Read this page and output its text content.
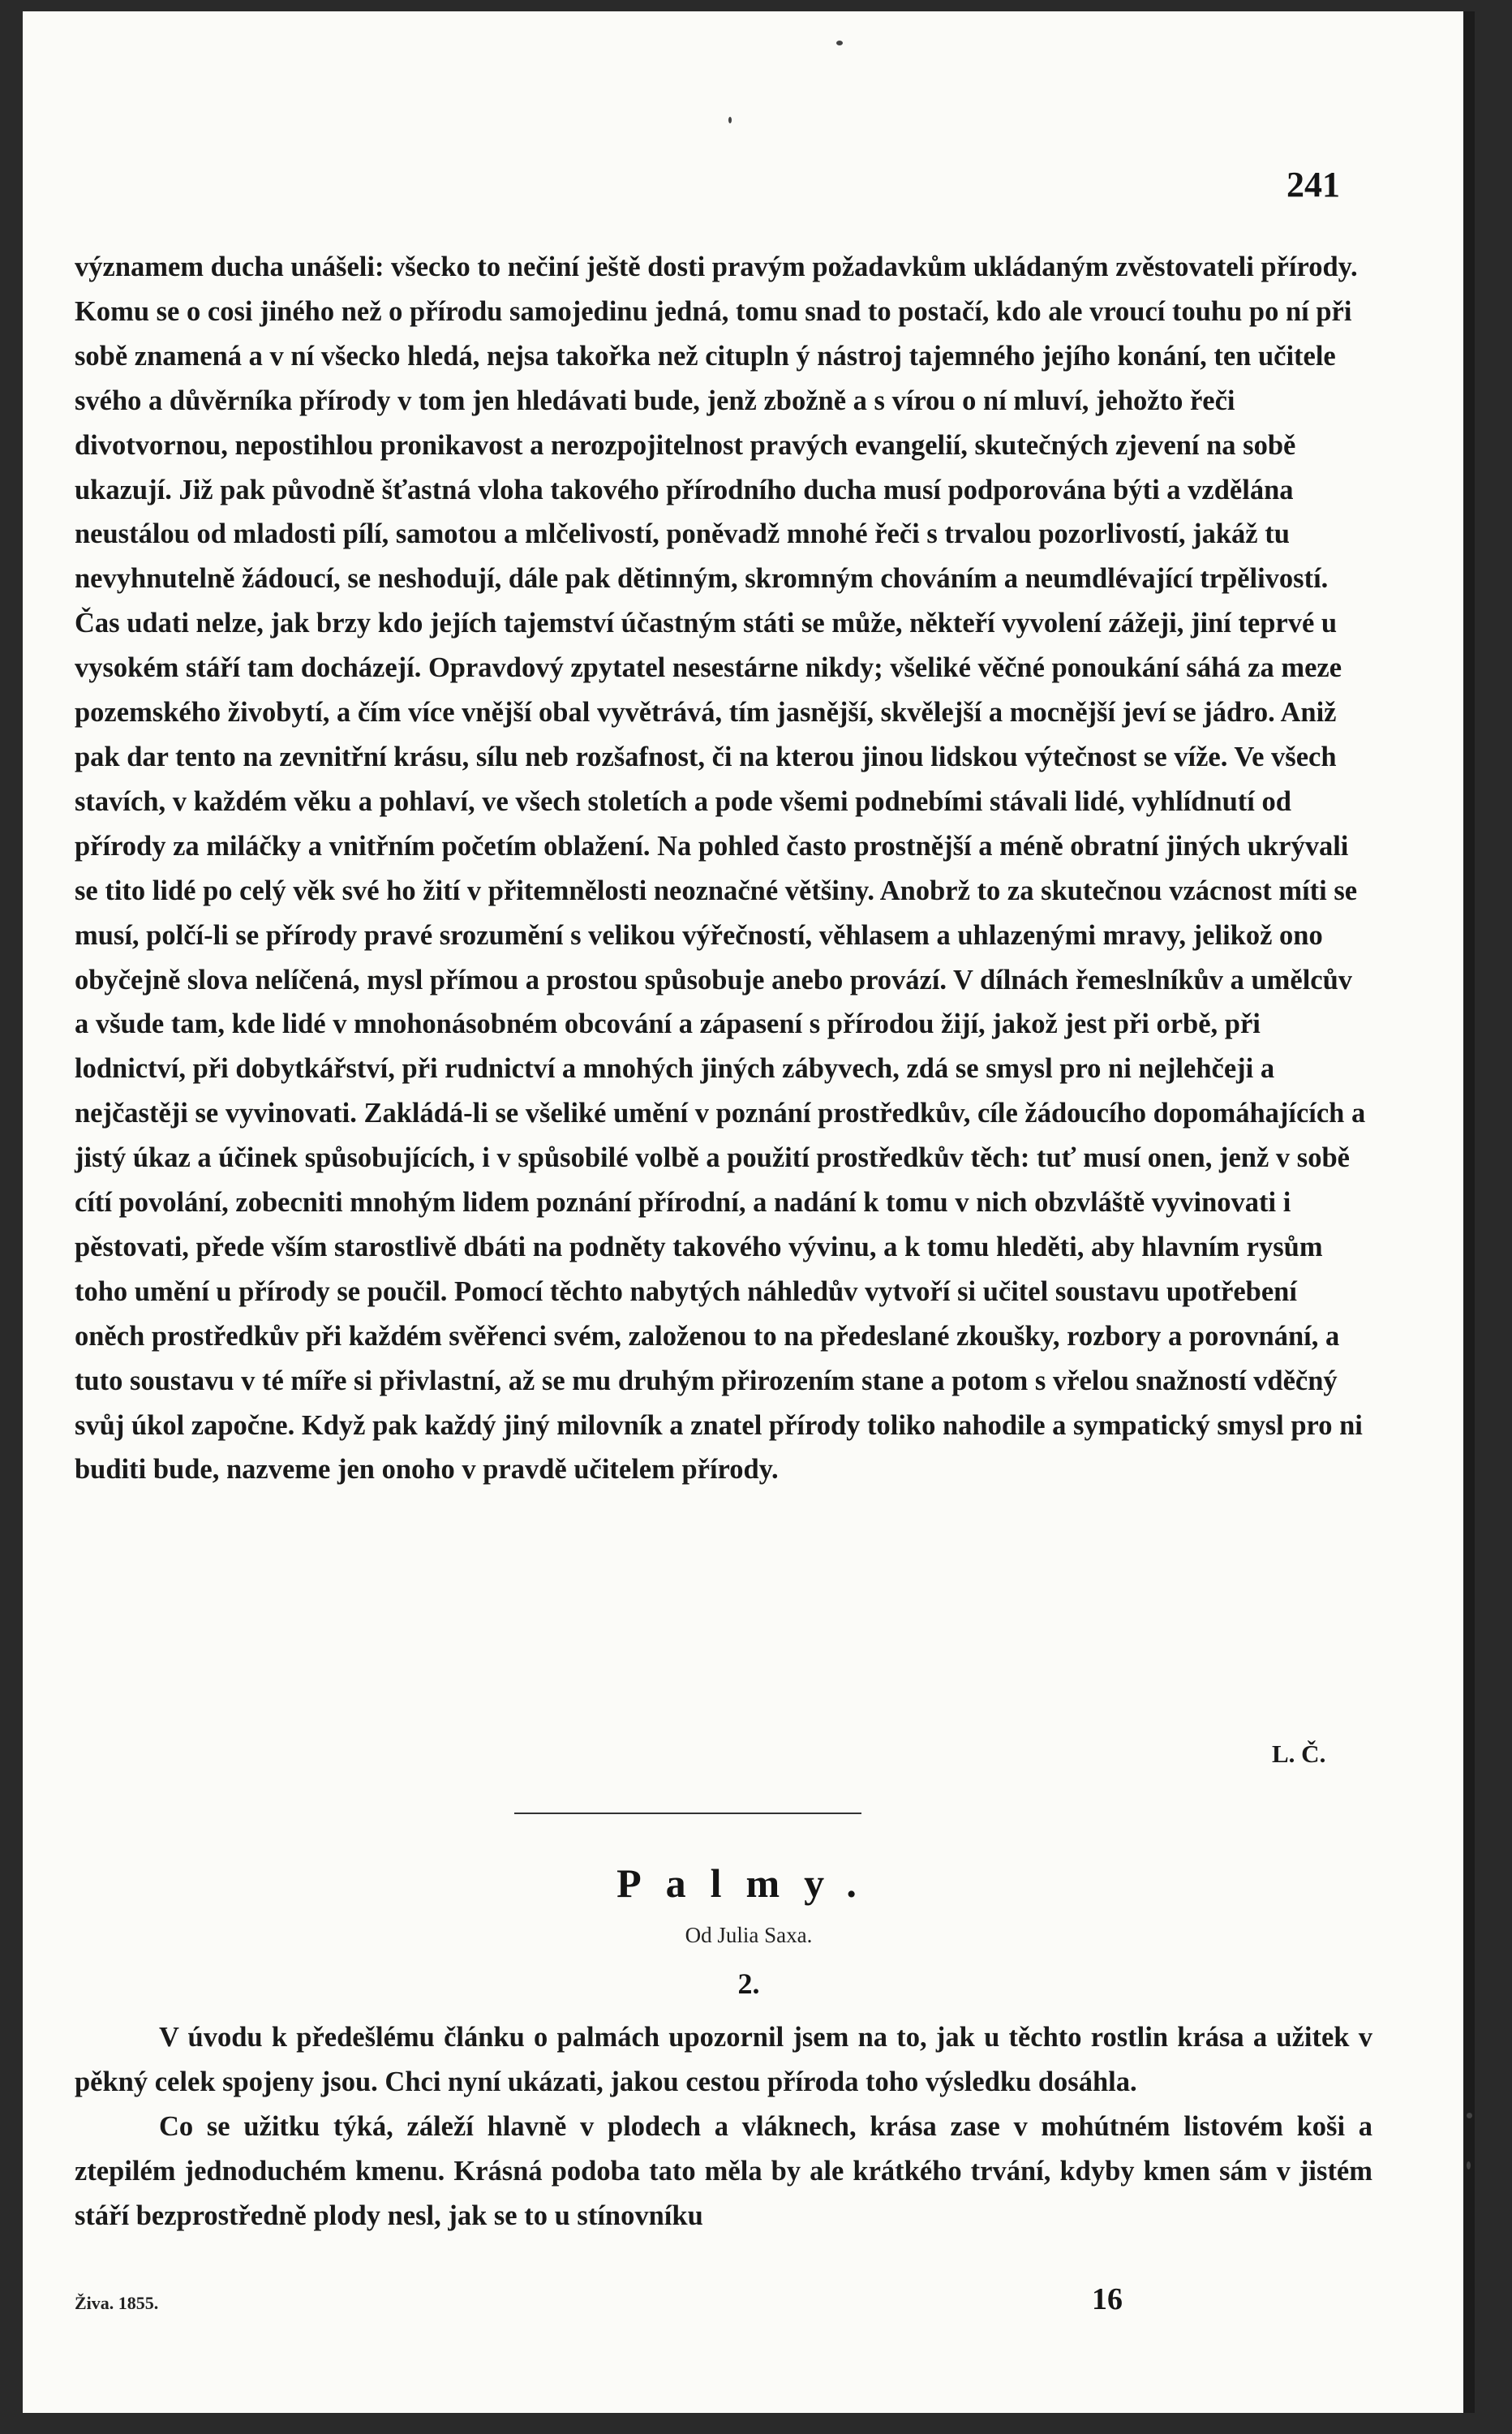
241

významem ducha unášeli: všecko to nečiní ještě dosti pravým požadavkům ukládaným zvěstovateli přírody. Komu se o cosi jiného než o přírodu samojedinu jedná, tomu snad to postačí, kdo ale vroucí touhu po ní při sobě znamená a v ní všecko hledá, nejsa takořka než citupln ý nástroj tajemného jejího konání, ten učitele svého a důvěrníka přírody v tom jen hledávati bude, jenž zbožně a s vírou o ní mluví, jehožto řeči divotvornou, nepostihlou pronikavost a nerozpojitelnost pravých evangelií, skutečných zjevení na sobě ukazují. Již pak původně šťastná vloha takového přírodního ducha musí podporována býti a vzdělána neustálou od mladosti pílí, samotou a mlčelivostí, poněvadž mnohé řeči s trvalou pozorlivostí, jakáž tu nevyhnutelně žádoucí, se neshodují, dále pak dětinným, skromným chováním a neumdlévající trpělivostí. Čas udati nelze, jak brzy kdo jejích tajemství účastným státi se může, někteří vyvolení zážeji, jiní teprvé u vysokém stáří tam docházejí. Opravdový zpytatel nesestárne nikdy; všeliké věčné ponoukání sáhá za meze pozemského živobytí, a čím více vnější obal vyvětrává, tím jasnější, skvělejší a mocnější jeví se jádro. Aniž pak dar tento na zevnitřní krásu, sílu neb rozšafnost, či na kterou jinou lidskou výtečnost se víže. Ve všech stavích, v každém věku a pohlaví, ve všech stoletích a pode všemi podnebími stávali lidé, vyhlídnutí od přírody za miláčky a vnitřním početím oblažení. Na pohled často prostnější a méně obratní jiných ukrývali se tito lidé po celý věk své ho žití v přitemnělosti neoznačné většiny. Anobrž to za skutečnou vzácnost míti se musí, polčí-li se přírody pravé srozumění s velikou výřečností, věhlasem a uhlazenými mravy, jelikož ono obyčejně slova nelíčená, mysl přímou a prostou spůsobuje anebo provází. V dílnách řemeslníkův a umělcův a všude tam, kde lidé v mnohonásobném obcování a zápasení s přírodou žijí, jakož jest při orbě, při lodnictví, při dobytkářství, při rudnictví a mnohých jiných zábyvech, zdá se smysl pro ni nejlehčeji a nejčastěji se vyvinovati. Zakládá-li se všeliké umění v poznání prostředkův, cíle žádoucího dopomáhajících a jistý úkaz a účinek spůsobujících, i v spůsobilé volbě a použití prostředkův těch: tuť musí onen, jenž v sobě cítí povolání, zobecniti mnohým lidem poznání přírodní, a nadání k tomu v nich obzvláště vyvinovati i pěstovati, přede vším starostlivě dbáti na podněty takového vývinu, a k tomu hleděti, aby hlavním rysům toho umění u přírody se poučil. Pomocí těchto nabytých náhledův vytvoří si učitel soustavu upotřebení oněch prostředkův při každém svěřenci svém, založenou to na předeslané zkoušky, rozbory a porovnání, a tuto soustavu v té míře si přivlastní, až se mu druhým přirozením stane a potom s vřelou snažností vděčný svůj úkol započne. Když pak každý jiný milovník a znatel přírody toliko nahodile a sympatický smysl pro ni buditi bude, nazveme jen onoho v pravdě učitelem přírody.
L. Č.
Palmy.

Od Julia Saxa.

2.

V úvodu k předešlému článku o palmách upozornil jsem na to, jak u těchto rostlin krása a užitek v pěkný celek spojeny jsou. Chci nyní ukázati, jakou cestou příroda toho výsledku dosáhla.

Co se užitku týká, záleží hlavně v plodech a vláknech, krása zase v mohútném listovém koši a ztepilém jednoduchém kmenu. Krásná podoba tato měla by ale krátkého trvání, kdyby kmen sám v jistém stáří bezprostředně plody nesl, jak se to u stínovníku

Živa. 1855.	16
